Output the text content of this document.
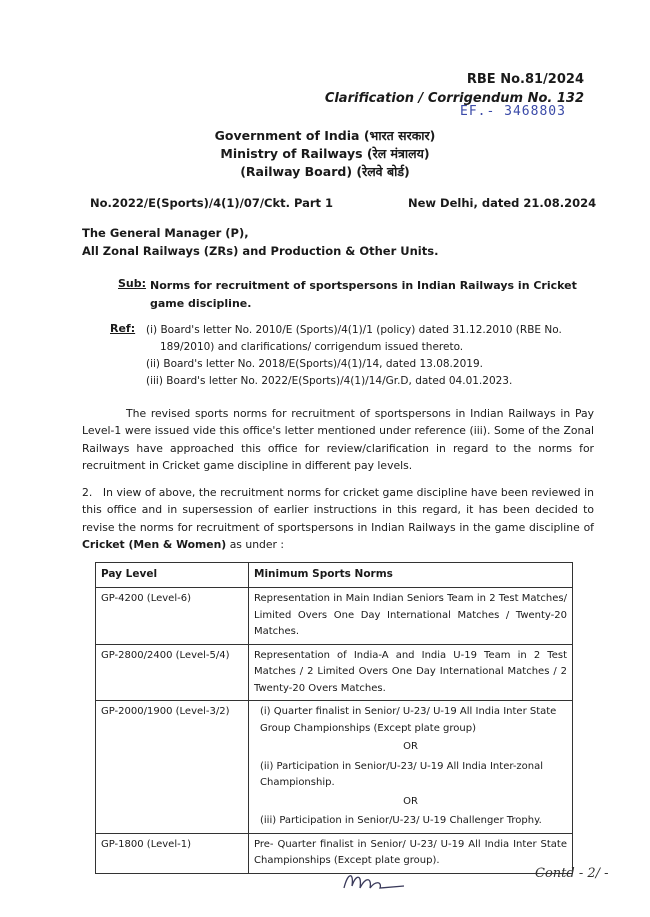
RBE No.81/2024
Clarification / Corrigendum No. 132
EF.- 3468803
Government of India (भारत सरकार)
Ministry of Railways (रेल मंत्रालय)
(Railway Board) (रेलवे बोर्ड)
No.2022/E(Sports)/4(1)/07/Ckt. Part 1	New Delhi, dated 21.08.2024
The General Manager (P),
All Zonal Railways (ZRs) and Production & Other Units.
Sub: Norms for recruitment of sportspersons in Indian Railways in Cricket game discipline.
Ref: (i) Board's letter No. 2010/E (Sports)/4(1)/1 (policy) dated 31.12.2010 (RBE No.
189/2010) and clarifications/ corrigendum issued thereto.
(ii) Board's letter No. 2018/E(Sports)/4(1)/14, dated 13.08.2019.
(iii) Board's letter No. 2022/E(Sports)/4(1)/14/Gr.D, dated 04.01.2023.
The revised sports norms for recruitment of sportspersons in Indian Railways in Pay Level-1 were issued vide this office's letter mentioned under reference (iii). Some of the Zonal Railways have approached this office for review/clarification in regard to the norms for recruitment in Cricket game discipline in different pay levels.
2. In view of above, the recruitment norms for cricket game discipline have been reviewed in this office and in supersession of earlier instructions in this regard, it has been decided to revise the norms for recruitment of sportspersons in Indian Railways in the game discipline of Cricket (Men & Women) as under :
Pay Level	Minimum Sports Norms
GP-4200 (Level-6)	Representation in Main Indian Seniors Team in 2 Test Matches/ Limited Overs One Day International Matches / Twenty-20 Matches.
GP-2800/2400 (Level-5/4)	Representation of India-A and India U-19 Team in 2 Test Matches / 2 Limited Overs One Day International Matches / 2 Twenty-20 Overs Matches.
GP-2000/1900 (Level-3/2)	(i) Quarter finalist in Senior/ U-23/ U-19 All India Inter State Group Championships (Except plate group)
OR
(ii) Participation in Senior/U-23/ U-19 All India Inter-zonal Championship.
OR
(iii) Participation in Senior/U-23/ U-19 Challenger Trophy.

GP-1800 (Level-1)	Pre- Quarter finalist in Senior/ U-23/ U-19 All India Inter State Championships (Except plate group).
Contd - 2/ -
